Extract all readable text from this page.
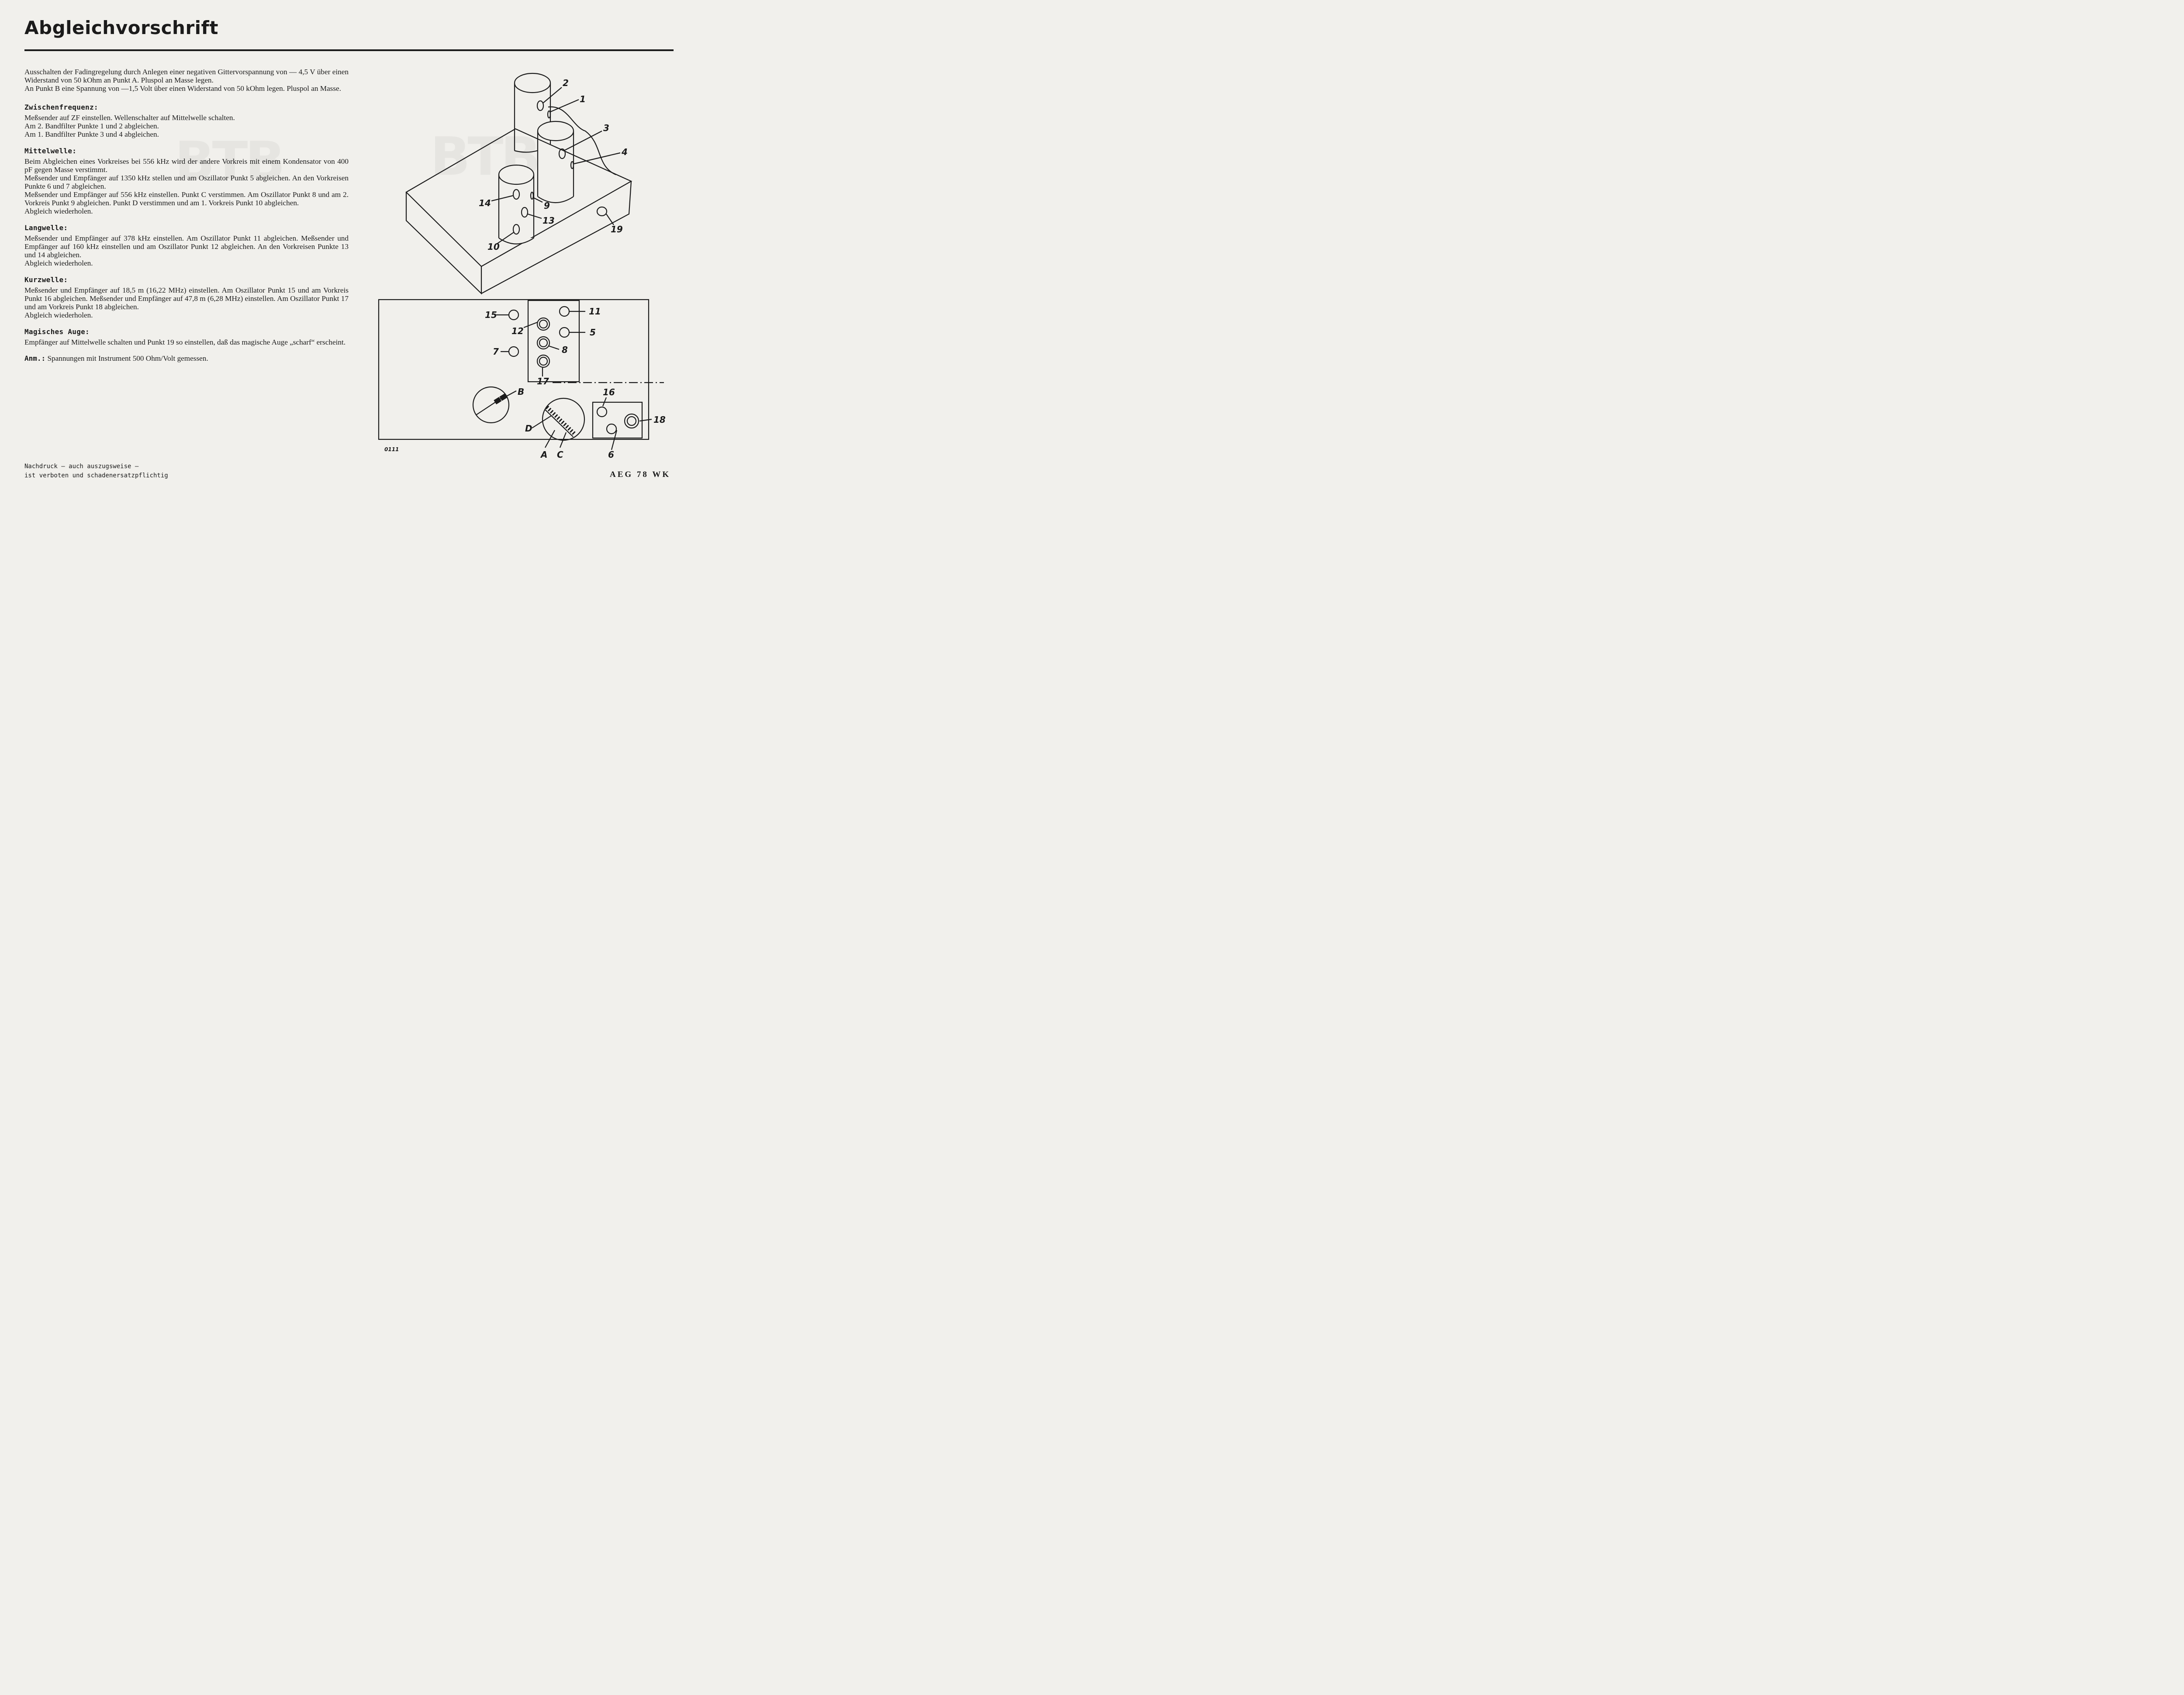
Abgleichvorschrift

Ausschalten der Fadingregelung durch Anlegen einer negativen Gittervorspannung von — 4,5 V über einen Widerstand von 50 kOhm an Punkt A. Pluspol an Masse legen.

An Punkt B eine Spannung von —1,5 Volt über einen Widerstand von 50 kOhm legen. Pluspol an Masse.

Zwischenfrequenz:

Meßsender auf ZF einstellen. Wellenschalter auf Mittelwelle schalten.

Am 2. Bandfilter Punkte 1 und 2 abgleichen.

Am 1. Bandfilter Punkte 3 und 4 abgleichen.

Mittelwelle:

Beim Abgleichen eines Vorkreises bei 556 kHz wird der andere Vorkreis mit einem Kondensator von 400 pF gegen Masse verstimmt.

Meßsender und Empfänger auf 1350 kHz stellen und am Oszillator Punkt 5 abgleichen. An den Vorkreisen Punkte 6 und 7 abgleichen.

Meßsender und Empfänger auf 556 kHz einstellen. Punkt C verstimmen. Am Oszillator Punkt 8 und am 2. Vorkreis Punkt 9 abgleichen. Punkt D verstimmen und am 1. Vorkreis Punkt 10 abgleichen.

Abgleich wiederholen.

Langwelle:

Meßsender und Empfänger auf 378 kHz einstellen. Am Oszillator Punkt 11 abgleichen. Meßsender und Empfänger auf 160 kHz einstellen und am Oszillator Punkt 12 abgleichen. An den Vorkreisen Punkte 13 und 14 abgleichen.

Abgleich wiederholen.

Kurzwelle:

Meßsender und Empfänger auf 18,5 m (16,22 MHz) einstellen. Am Oszillator Punkt 15 und am Vorkreis Punkt 16 abgleichen. Meßsender und Empfänger auf 47,8 m (6,28 MHz) einstellen. Am Oszillator Punkt 17 und am Vorkreis Punkt 18 abgleichen.

Abgleich wiederholen.

Magisches Auge:

Empfänger auf Mittelwelle schalten und Punkt 19 so einstellen, daß das magische Auge „scharf“ erscheint.

Anm.: Spannungen mit Instrument 500 Ohm/Volt gemessen.

Nachdruck — auch auszugsweise —
ist verboten und schadenersatzpflichtig	AEG 78 WK
2
1
3
4
14	9
13
10
19
15
12
7	8
17
11
5
B	16
18
D
A C	6
0111
